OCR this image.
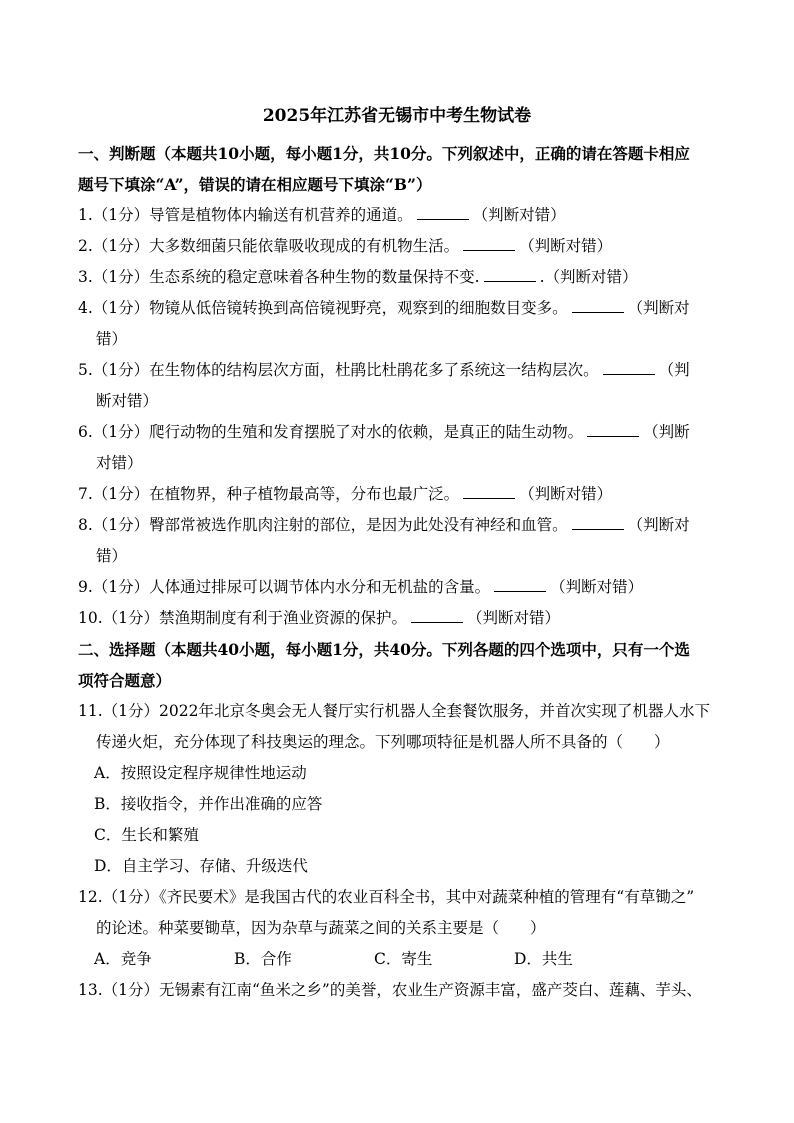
2025年江苏省无锡市中考生物试卷
一、判断题（本题共10小题，每小题1分，共10分。下列叙述中，正确的请在答题卡相应
题号下填涂“A”，错误的请在相应题号下填涂“B”）
1.（1分）导管是植物体内输送有机营养的通道。	（判断对错）
2.（1分）大多数细菌只能依靠吸收现成的有机物生活。	（判断对错）
3.（1分）生态系统的稳定意味着各种生物的数量保持不变.	.（判断对错）
4.（1分）物镜从低倍镜转换到高倍镜视野亮，观察到的细胞数目变多。	（判断对
错）
5.（1分）在生物体的结构层次方面，杜鹃比杜鹃花多了系统这一结构层次。	（判
断对错）
6.（1分）爬行动物的生殖和发育摆脱了对水的依赖，是真正的陆生动物。	（判断
对错）
7.（1分）在植物界，种子植物最高等，分布也最广泛。	（判断对错）
8.（1分）臀部常被选作肌肉注射的部位，是因为此处没有神经和血管。	（判断对
错）
9.（1分）人体通过排尿可以调节体内水分和无机盐的含量。	（判断对错）
10.（1分）禁渔期制度有利于渔业资源的保护。	（判断对错）
二、选择题（本题共40小题，每小题1分，共40分。下列各题的四个选项中，只有一个选
项符合题意）
11.（1分）2022年北京冬奥会无人餐厅实行机器人全套餐饮服务，并首次实现了机器人水下
传递火炬，充分体现了科技奥运的理念。下列哪项特征是机器人所不具备的（　　）
A．按照设定程序规律性地运动
B．接收指令，并作出准确的应答
C．生长和繁殖
D．自主学习、存储、升级迭代
12.（1分）《齐民要术》是我国古代的农业百科全书，其中对蔬菜种植的管理有“有草锄之”
的论述。种菜要锄草，因为杂草与蔬菜之间的关系主要是（　　）
A．竞争	B．合作	C．寄生	D．共生
13.（1分）无锡素有江南“鱼米之乡”的美誉，农业生产资源丰富，盛产茭白、莲藕、芋头、
